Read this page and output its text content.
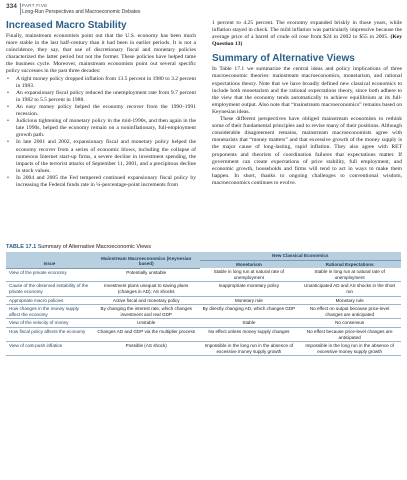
334 PART FIVE
Long-Run Perspectives and Macroeconomic Debates
Increased Macro Stability

Finally, mainstream economists point out that the U.S. economy has been much more stable in the last half-century than it had been in earlier periods. It is not a coincidence, they say, that use of discretionary fiscal and monetary policies characterized the latter period but not the former. These policies have helped tame the business cycle. Moreover, mainstream economists point out several specific policy successes in the past three decades:

• A tight money policy dropped inflation from 13.5 percent in 1980 to 3.2 percent in 1983.
• An expansionary fiscal policy reduced the unemployment rate from 9.7 percent in 1982 to 5.5 percent in 1988.
• An easy money policy helped the economy recover from the 1990–1991 recession.
• Judicious tightening of monetary policy in the mid-1990s, and then again in the late 1990s, helped the economy remain on a noninflationary, full-employment growth path.
• In late 2001 and 2002, expansionary fiscal and monetary policy helped the economy recover from a series of economic blows, including the collapse of numerous Internet start-up firms, a severe decline in investment spending, the impacts of the terrorist attacks of September 11, 2001, and a precipitous decline in stock values.
• In 2004 and 2005 the Fed tempered continued expansionary fiscal policy by increasing the Federal funds rate in ¼-percentage-point increments from

1 percent to 4.25 percent. The economy expanded briskly in those years, while inflation stayed in check. The mild inflation was particularly impressive because the average price of a barrel of crude oil rose from $24 in 2002 to $55 in 2005. (Key Question 13)

Summary of Alternative Views

In Table 17.1 we summarize the central ideas and policy implications of three macroeconomic theories: mainstream macroeconomics, monetarism, and rational expectations theory. Note that we have broadly defined new classical economics to include both monetarism and the rational expectations theory, since both adhere to the view that the economy tends automatically to achieve equilibrium at its full-employment output. Also note that “mainstream macroeconomics” remains based on Keynesian ideas.

These different perspectives have obliged mainstream economists to rethink some of their fundamental principles and to revise many of their positions. Although considerable disagreement remains, mainstream macroeconomists agree with monetarists that “money matters” and that excessive growth of the money supply is the major cause of long-lasting, rapid inflation. They also agree with RET proponents and theorists of coordination failures that expectations matter. If government can create expectations of price stability, full employment, and economic growth, households and firms will tend to act in ways to make them happen. In short, thanks to ongoing challenges to conventional wisdom, macroeconomics continues to evolve.

TABLE 17.1 Summary of Alternative Macroeconomic Views
Issue	Mainstream Macroeconomics (Keynesian based)	New Classical Economics	
		Monetarism	Rational Expectations
View of the private economy	Potentially unstable	Stable in long run at natural rate of unemployment	Stable in long run at natural rate of unemployment
Cause of the observed instability of the private economy	Investment plans unequal to saving plans (changes in AD); AS shocks	Inappropriate monetary policy	Unanticipated AD and AS shocks in the short run
Appropriate macro policies	Active fiscal and monetary policy	Monetary rule	Monetary rule
How changes in the money supply affect the economy	By changing the interest rate, which changes investment and real GDP	By directly changing AD, which changes GDP	No effect on output because price-level changes are anticipated
View of the velocity of money	Unstable	Stable	No consensus
How fiscal policy affects the economy	Changes AD and GDP via the multiplier process	No effect unless money supply changes	No effect because price-level changes are anticipated
View of cost-push inflation	Possible (AS shock)	Impossible in the long run in the absence of excessive money supply growth	Impossible in the long run in the absence of excessive money supply growth
